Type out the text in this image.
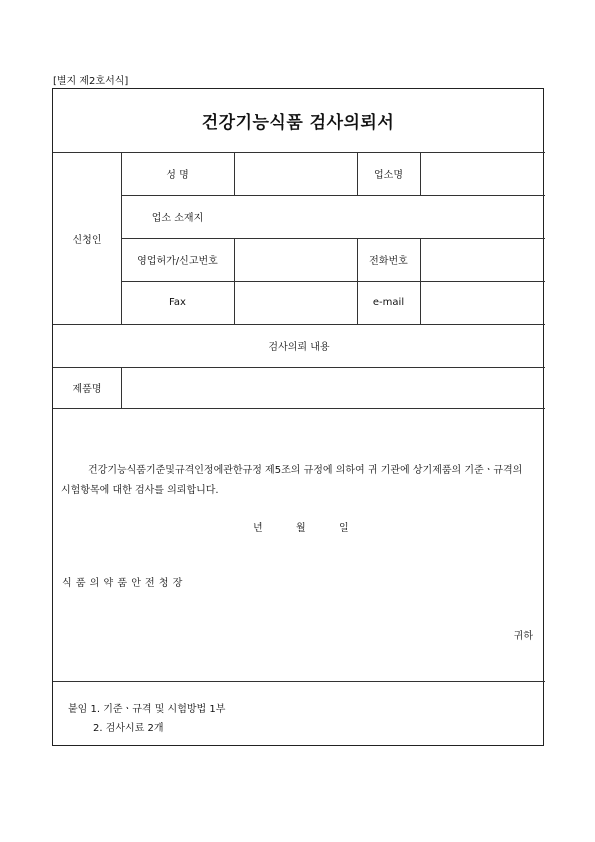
[별지 제2호서식]
건강기능식품 검사의뢰서
신청인
성 명	업소명
업소 소재지
영업허가/신고번호	전화번호
Fax	e-mail
검사의뢰 내용
제품명
건강기능식품기준및규격인정에관한규정 제5조의 규정에 의하여 귀 기관에 상기제품의 기준ㆍ규격의 시험항목에 대한 검사를 의뢰합니다.
년	월	일
식 품 의 약 품 안 전 청 장
귀하
붙임 1. 기준ㆍ규격 및 시험방법 1부
2. 검사시료 2개
